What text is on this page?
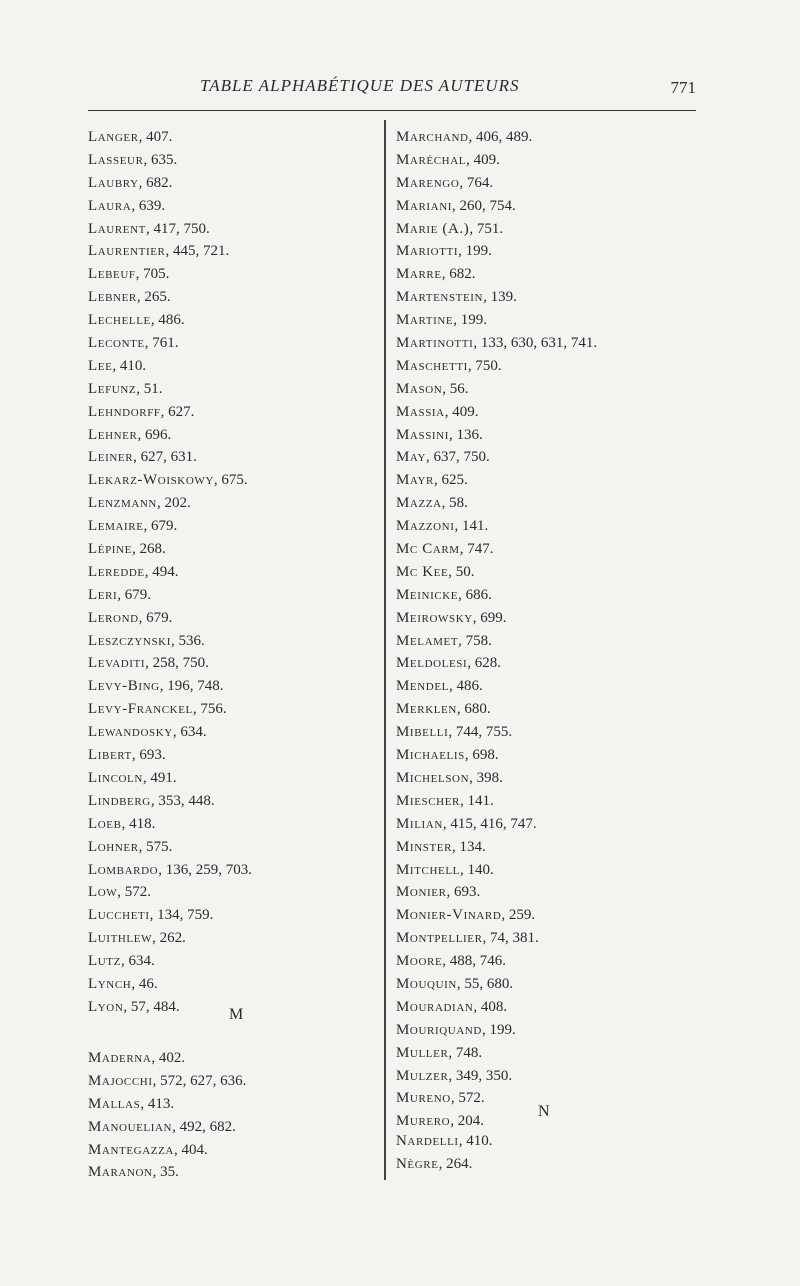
TABLE ALPHABÉTIQUE DES AUTEURS	771
Langer, 407.
Lasseur, 635.
Laubry, 682.
Laura, 639.
Laurent, 417, 750.
Laurentier, 445, 721.
Lebeuf, 705.
Lebner, 265.
Lechelle, 486.
Leconte, 761.
Lee, 410.
Lefunz, 51.
Lehndorff, 627.
Lehner, 696.
Leiner, 627, 631.
Lekarz-Woiskowy, 675.
Lenzmann, 202.
Lemaire, 679.
Lépine, 268.
Leredde, 494.
Leri, 679.
Lerond, 679.
Leszczynski, 536.
Levaditi, 258, 750.
Levy-Bing, 196, 748.
Levy-Franckel, 756.
Lewandosky, 634.
Libert, 693.
Lincoln, 491.
Lindberg, 353, 448.
Loeb, 418.
Lohner, 575.
Lombardo, 136, 259, 703.
Low, 572.
Luccheti, 134, 759.
Luithlew, 262.
Lutz, 634.
Lynch, 46.
Lyon, 57, 484.	M
Maderna, 402.
Majocchi, 572, 627, 636.
Mallas, 413.
Manouelian, 492, 682.
Mantegazza, 404.
Maranon, 35.
Marchand, 406, 489.
Maréchal, 409.
Marengo, 764.
Mariani, 260, 754.
Marie (A.), 751.
Mariotti, 199.
Marre, 682.
Martenstein, 139.
Martine, 199.
Martinotti, 133, 630, 631, 741.
Maschetti, 750.
Mason, 56.
Massia, 409.
Massini, 136.
May, 637, 750.
Mayr, 625.
Mazza, 58.
Mazzoni, 141.
Mc Carm, 747.
Mc Kee, 50.
Meinicke, 686.
Meirowsky, 699.
Melamet, 758.
Meldolesi, 628.
Mendel, 486.
Merklen, 680.
Mibelli, 744, 755.
Michaelis, 698.
Michelson, 398.
Miescher, 141.
Milian, 415, 416, 747.
Minster, 134.
Mitchell, 140.
Monier, 693.
Monier-Vinard, 259.
Montpellier, 74, 381.
Moore, 488, 746.
Mouquin, 55, 680.
Mouradian, 408.
Mouriquand, 199.
Muller, 748.
Mulzer, 349, 350.
Mureno, 572.
Murero, 204.
N
Nardelli, 410.
Nègre, 264.
